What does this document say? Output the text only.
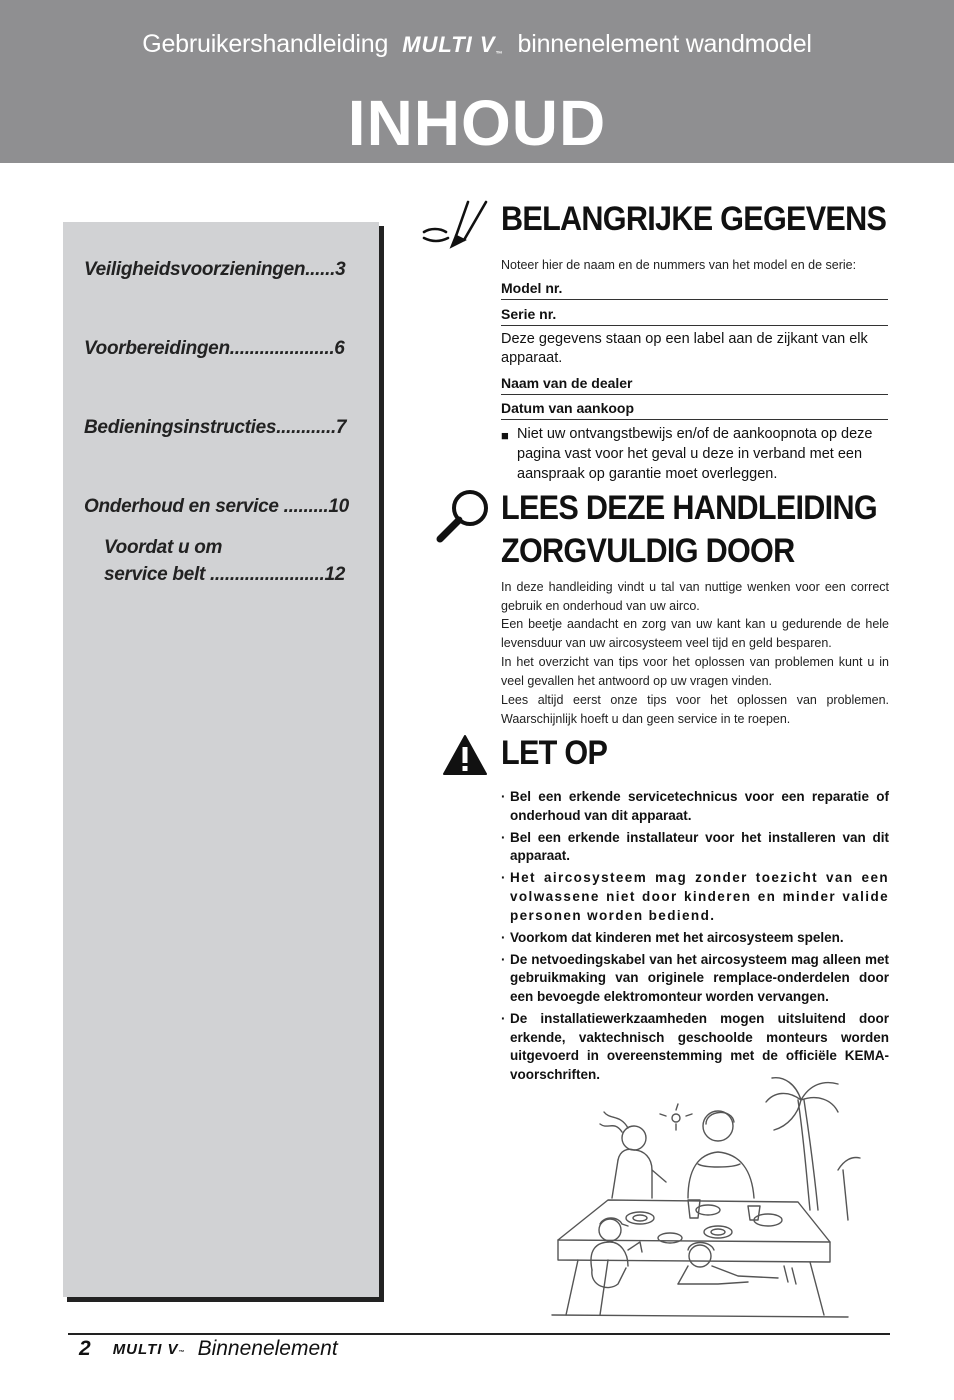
Gebruikershandleiding MULTI V™ binnenelement wandmodel
INHOUD
Veiligheidsvoorzieningen......3
Voorbereidingen.....................6
Bedieningsinstructies............7
Onderhoud en service .........10
Voordat u om
service belt .......................12
BELANGRIJKE GEGEVENS
Noteer hier de naam en de nummers van het model en de serie:
Model nr.
Serie nr.
Deze gegevens staan op een label aan de zijkant van elk apparaat.
Naam van de dealer
Datum van aankoop
■ Niet uw ontvangstbewijs en/of de aankoopnota op deze pagina vast voor het geval u deze in verband met een aanspraak op garantie moet overleggen.
LEES DEZE HANDLEIDING
ZORGVULDIG DOOR
In deze handleiding vindt u tal van nuttige wenken voor een correct gebruik en onderhoud van uw airco.
Een beetje aandacht en zorg van uw kant kan u gedurende de hele levensduur van uw aircosysteem veel tijd en geld besparen.
In het overzicht van tips voor het oplossen van problemen kunt u in veel gevallen het antwoord op uw vragen vinden.
Lees altijd eerst onze tips voor het oplossen van problemen. Waarschijnlijk hoeft u dan geen service in te roepen.
LET OP
· Bel een erkende servicetechnicus voor een reparatie of onderhoud van dit apparaat.
· Bel een erkende installateur voor het installeren van dit apparaat.
· Het aircosysteem mag zonder toezicht van een volwassene niet door kinderen en minder valide personen worden bediend.
· Voorkom dat kinderen met het aircosysteem spelen.
· De netvoedingskabel van het aircosysteem mag alleen met gebruikmaking van originele remplace-onderdelen door een bevoegde elektromonteur worden vervangen.
· De installatiewerkzaamheden mogen uitsluitend door erkende, vaktechnisch geschoolde monteurs worden uitgevoerd in overeenstemming met de officiële KEMA-voorschriften.
2 MULTI V™ Binnenelement
